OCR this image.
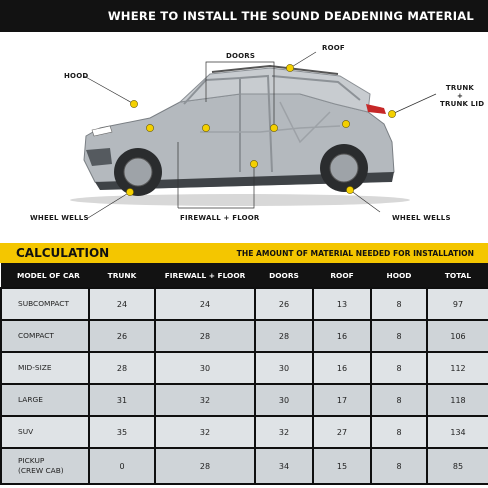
WHERE TO INSTALL THE SOUND DEADENING MATERIAL
HOOD
DOORS
ROOF
TRUNK
+
TRUNK LID
WHEEL WELLS	FIREWALL + FLOOR	WHEEL WELLS
CALCULATION	THE AMOUNT OF MATERIAL NEEDED FOR INSTALLATION
MODEL OF CAR	TRUNK	FIREWALL + FLOOR	DOORS	ROOF	HOOD	TOTAL
SUBCOMPACT	24	24	26	13	8	97
COMPACT	26	28	28	16	8	106
MID-SIZE	28	30	30	16	8	112
LARGE	31	32	30	17	8	118
SUV	35	32	32	27	8	134

PICKUP
(CREW CAB)	0	28	34	15	8	85
